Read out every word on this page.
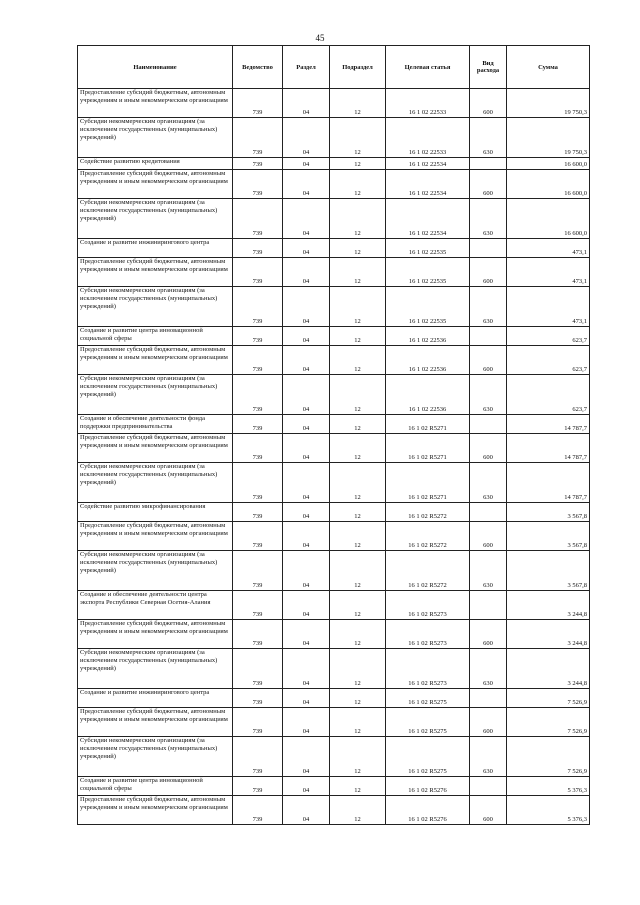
45
Наименование	Ведомство	Раздел	Подраздел	Целевая статья	Вид расхода	Сумма
Предоставление субсидий бюджетным, автономным учреждениям и иным некоммерческим организациям	739	04	12	16 1 02 22533	600	19 750,3
Субсидии некоммерческим организациям (за исключением государственных (муниципальных) учреждений)	739	04	12	16 1 02 22533	630	19 750,3
Содействие развитию кредитования	739	04	12	16 1 02 22534		16 600,0
Предоставление субсидий бюджетным, автономным учреждениям и иным некоммерческим организациям	739	04	12	16 1 02 22534	600	16 600,0
Субсидии некоммерческим организациям (за исключением государственных (муниципальных) учреждений)	739	04	12	16 1 02 22534	630	16 600,0
Создание и развитие инжинирингового центра	739	04	12	16 1 02 22535		473,1
Предоставление субсидий бюджетным, автономным учреждениям и иным некоммерческим организациям	739	04	12	16 1 02 22535	600	473,1
Субсидии некоммерческим организациям (за исключением государственных (муниципальных) учреждений)	739	04	12	16 1 02 22535	630	473,1
Создание и развитие центра инновационной социальной сферы	739	04	12	16 1 02 22536		623,7
Предоставление субсидий бюджетным, автономным учреждениям и иным некоммерческим организациям	739	04	12	16 1 02 22536	600	623,7
Субсидии некоммерческим организациям (за исключением государственных (муниципальных) учреждений)	739	04	12	16 1 02 22536	630	623,7
Создание и обеспечение деятельности фонда поддержки предпринимательства	739	04	12	16 1 02 R5271		14 787,7
Предоставление субсидий бюджетным, автономным учреждениям и иным некоммерческим организациям	739	04	12	16 1 02 R5271	600	14 787,7
Субсидии некоммерческим организациям (за исключением государственных (муниципальных) учреждений)	739	04	12	16 1 02 R5271	630	14 787,7
Содействие развитию микрофинансирования	739	04	12	16 1 02 R5272		3 567,8
Предоставление субсидий бюджетным, автономным учреждениям и иным некоммерческим организациям	739	04	12	16 1 02 R5272	600	3 567,8
Субсидии некоммерческим организациям (за исключением государственных (муниципальных) учреждений)	739	04	12	16 1 02 R5272	630	3 567,8
Создание и обеспечение деятельности центра экспорта Республики Северная Осетия-Алания	739	04	12	16 1 02 R5273		3 244,8
Предоставление субсидий бюджетным, автономным учреждениям и иным некоммерческим организациям	739	04	12	16 1 02 R5273	600	3 244,8
Субсидии некоммерческим организациям (за исключением государственных (муниципальных) учреждений)	739	04	12	16 1 02 R5273	630	3 244,8
Создание и развитие инжинирингового центра	739	04	12	16 1 02 R5275		7 526,9
Предоставление субсидий бюджетным, автономным учреждениям и иным некоммерческим организациям	739	04	12	16 1 02 R5275	600	7 526,9
Субсидии некоммерческим организациям (за исключением государственных (муниципальных) учреждений)	739	04	12	16 1 02 R5275	630	7 526,9
Создание и развитие центра инновационной социальной сферы	739	04	12	16 1 02 R5276		5 376,3
Предоставление субсидий бюджетным, автономным учреждениям и иным некоммерческим организациям	739	04	12	16 1 02 R5276	600	5 376,3
